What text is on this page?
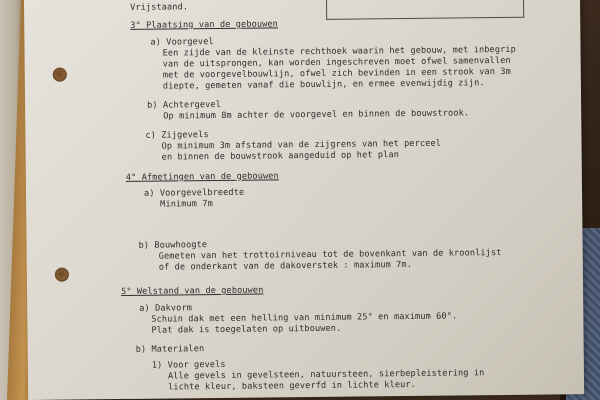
Vrijstaand.
3° Plaatsing van de gebouwen
a) Voorgevel
Een zijde van de kleinste rechthoek waarin het gebouw, met inbegrip
van de uitsprongen, kan worden ingeschreven moet ofwel samenvallen
met de voorgevelbouwlijn, ofwel zich bevinden in een strook van 3m
diepte, gemeten vanaf die bouwlijn, en ermee evenwijdig zijn.
b) Achtergevel
Op minimum 8m achter de voorgevel en binnen de bouwstrook.
c) Zijgevels
Op minimum 3m afstand van de zijgrens van het perceel
en binnen de bouwstrook aangeduid op het plan
4° Afmetingen van de gebouwen
a) Voorgevelbreedte
Minimum 7m
b) Bouwhoogte
Gemeten van het trottoirniveau tot de bovenkant van de kroonlijst
of de onderkant van de dakoverstek : maximum 7m.
5° Welstand van de gebouwen
a) Dakvorm
Schuin dak met een helling van minimum 25° en maximum 60°.
Plat dak is toegelaten op uitbouwen.
b) Materialen
1) Voor gevels
Alle gevels in gevelsteen, natuursteen, sierbepleistering in
lichte kleur, baksteen geverfd in lichte kleur.
